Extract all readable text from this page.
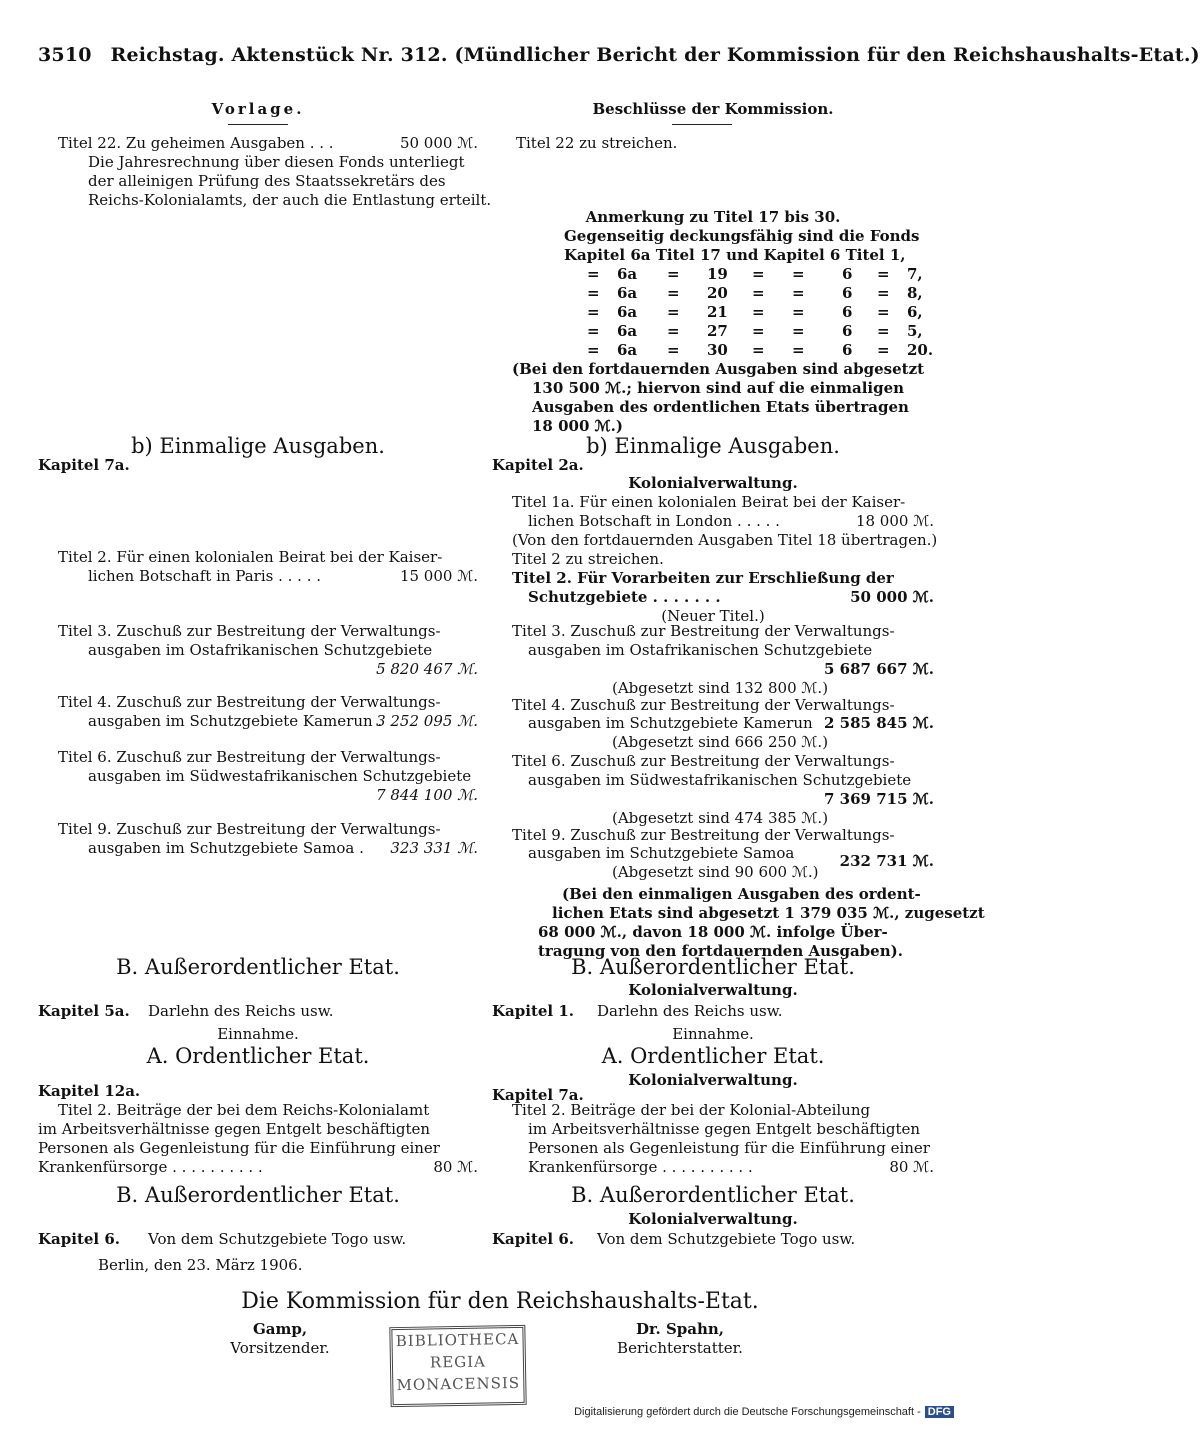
3510 Reichstag. Aktenstück Nr. 312. (Mündlicher Bericht der Kommission für den Reichshaushalts-Etat.)
Vorlage.
Titel 22. Zu geheimen Ausgaben . . .	50 000 ℳ.
Die Jahresrechnung über diesen Fonds unterliegt
der alleinigen Prüfung des Staatssekretärs des
Reichs-Kolonialamts, der auch die Entlastung erteilt.
b) Einmalige Ausgaben.
Kapitel 7a.
Titel 2. Für einen kolonialen Beirat bei der Kaiser-
lichen Botschaft in Paris . . . . .	15 000 ℳ.
Titel 3. Zuschuß zur Bestreitung der Verwaltungs-
ausgaben im Ostafrikanischen Schutzgebiete
5 820 467 ℳ.
Titel 4. Zuschuß zur Bestreitung der Verwaltungs-
ausgaben im Schutzgebiete Kamerun .
3 252 095 ℳ.
Titel 6. Zuschuß zur Bestreitung der Verwaltungs-
ausgaben im Südwestafrikanischen Schutzgebiete
7 844 100 ℳ.
Titel 9. Zuschuß zur Bestreitung der Verwaltungs-
ausgaben im Schutzgebiete Samoa . 323 331 ℳ.
B. Außerordentlicher Etat.
Kapitel 5a. Darlehn des Reichs usw.
Einnahme.
A. Ordentlicher Etat.
Kapitel 12a.
Titel 2. Beiträge der bei dem Reichs-Kolonialamt
im Arbeitsverhältnisse gegen Entgelt beschäftigten
Personen als Gegenleistung für die Einführung einer
Krankenfürsorge . . . . . . . . . .	80 ℳ.
B. Außerordentlicher Etat.
Kapitel 6. Von dem Schutzgebiete Togo usw.
Berlin, den 23. März 1906.
Beschlüsse der Kommission.
Titel 22 zu streichen.
Anmerkung zu Titel 17 bis 30.
Gegenseitig deckungsfähig sind die Fonds
Kapitel 6a Titel 17 und Kapitel 6 Titel 1,
= 6a = 19 = = 6 = 7,
= 6a = 20 = = 6 = 8,
= 6a = 21 = = 6 = 6,
= 6a = 27 = = 6 = 5,
= 6a = 30 = = 6 = 20.
(Bei den fortdauernden Ausgaben sind abgesetzt
130 500 ℳ.; hiervon sind auf die einmaligen
Ausgaben des ordentlichen Etats übertragen
18 000 ℳ.)
b) Einmalige Ausgaben.
Kapitel 2a.
Kolonialverwaltung.
Titel 1a. Für einen kolonialen Beirat bei der Kaiser-
lichen Botschaft in London . . . . .	18 000 ℳ.
(Von den fortdauernden Ausgaben Titel 18 übertragen.)
Titel 2 zu streichen.
Titel 2. Für Vorarbeiten zur Erschließung der
Schutzgebiete . . . . . . .	50 000 ℳ.
(Neuer Titel.)
Titel 3. Zuschuß zur Bestreitung der Verwaltungs-
ausgaben im Ostafrikanischen Schutzgebiete
5 687 667 ℳ.
(Abgesetzt sind 132 800 ℳ.)
Titel 4. Zuschuß zur Bestreitung der Verwaltungs-
ausgaben im Schutzgebiete Kamerun 2 585 845 ℳ.
(Abgesetzt sind 666 250 ℳ.)
Titel 6. Zuschuß zur Bestreitung der Verwaltungs-
ausgaben im Südwestafrikanischen Schutzgebiete
7 369 715 ℳ.
(Abgesetzt sind 474 385 ℳ.)
Titel 9. Zuschuß zur Bestreitung der Verwaltungs-
ausgaben im Schutzgebiete Samoa	232 731 ℳ.
(Abgesetzt sind 90 600 ℳ.)
(Bei den einmaligen Ausgaben des ordent-
lichen Etats sind abgesetzt 1 379 035 ℳ., zugesetzt
68 000 ℳ., davon 18 000 ℳ. infolge Über-
tragung von den fortdauernden Ausgaben).
B. Außerordentlicher Etat.
Kolonialverwaltung.
Kapitel 1. Darlehn des Reichs usw.
Einnahme.
A. Ordentlicher Etat.
Kolonialverwaltung.
Kapitel 7a.
Titel 2. Beiträge der bei der Kolonial-Abteilung
im Arbeitsverhältnisse gegen Entgelt beschäftigten
Personen als Gegenleistung für die Einführung einer
Krankenfürsorge . . . . . . . . . .	80 ℳ.
B. Außerordentlicher Etat.
Kolonialverwaltung.
Kapitel 6. Von dem Schutzgebiete Togo usw.
Die Kommission für den Reichshaushalts-Etat.
Gamp,
Vorsitzender.
Dr. Spahn,
Berichterstatter.
BIBLIOTHECA
REGIA
MONACENSIS
Digitalisierung gefördert durch die Deutsche Forschungsgemeinschaft - DFG
